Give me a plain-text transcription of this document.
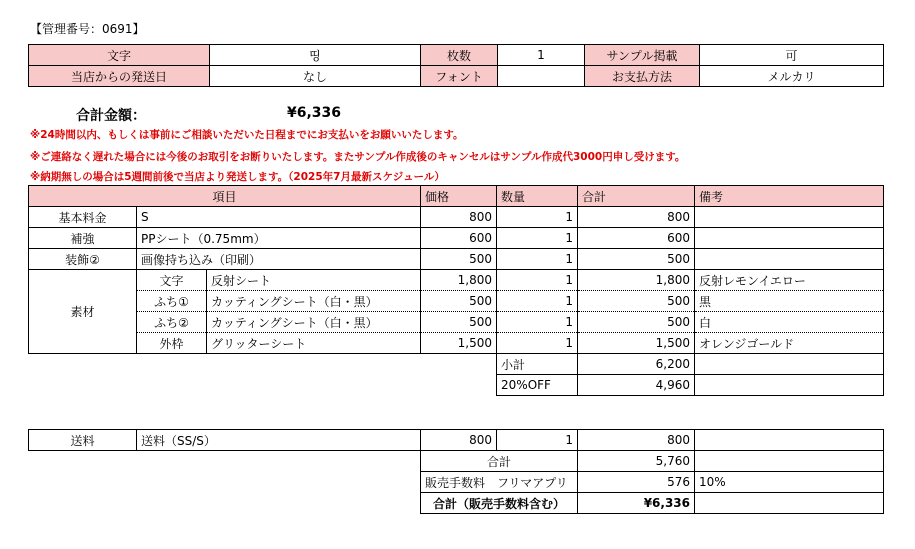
【管理番号：0691】
文字	띵	枚数	1	サンプル掲載	可
当店からの発送日	なし	フォント		お支払方法	メルカリ
合計金額：	¥6,336
※24時間以内、もしくは事前にご相談いただいた日程までにお支払いをお願いいたします。
※ご連絡なく遅れた場合には今後のお取引をお断りいたします。またサンプル作成後のキャンセルはサンプル作成代3000円申し受けます。
※納期無しの場合は5週間前後で当店より発送します。（2025年7月最新スケジュール）
項目			価格	数量	合計	備考
基本料金	S		800	1	800	
補強	PPシート（0.75mm）		600	1	600	
装飾②	画像持ち込み（印刷）		500	1	500	
素材	文字	反射シート	1,800	1	1,800	反射レモンイエロー
	ふち①	カッティングシート（白・黒）	500	1	500	黒
	ふち②	カッティングシート（白・黒）	500	1	500	白
	外枠	グリッターシート	1,500	1	1,500	オレンジゴールド
				小計	6,200	
				20%OFF	4,960	
送料	送料（SS/S）	800	1	800	
		合計		5,760	
		販売手数料　フリマアプリ		576	10%
		合計（販売手数料含む）		¥6,336	
